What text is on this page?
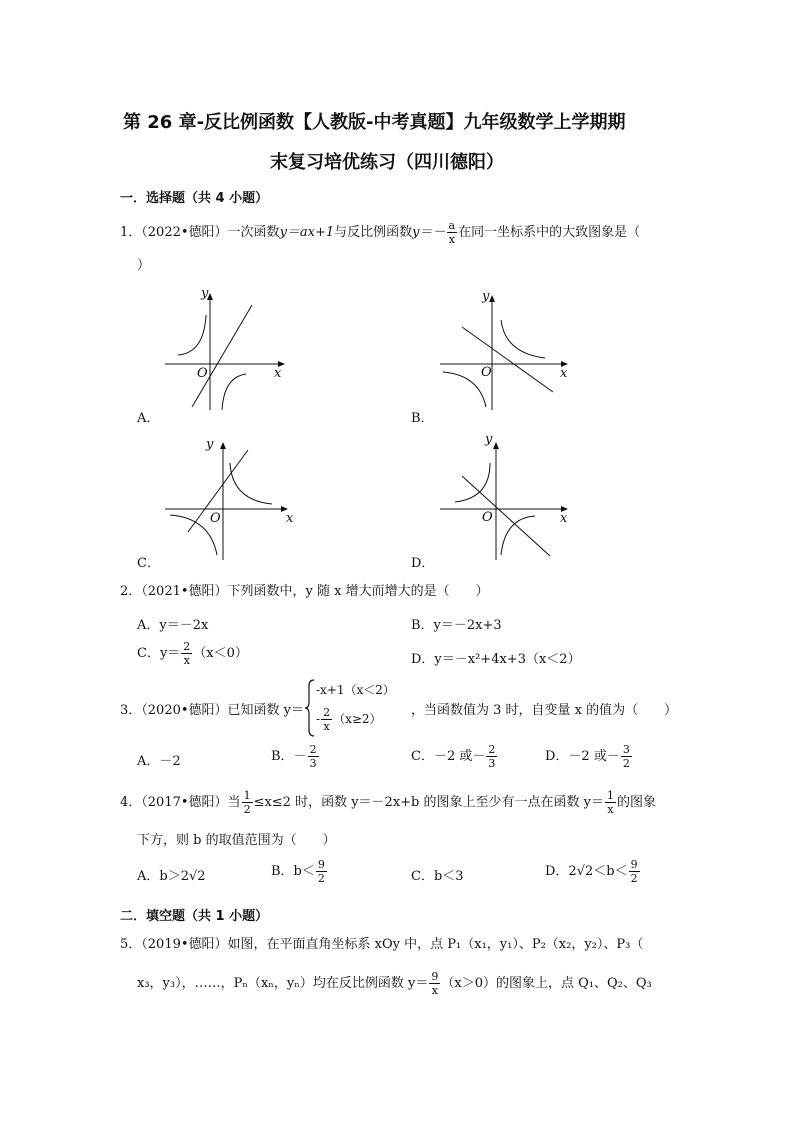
第 26 章-反比例函数【人教版-中考真题】九年级数学上学期期
末复习培优练习（四川德阳）
一．选择题（共 4 小题）
1．（2022•德阳）一次函数y＝ax+1与反比例函数$y=- \frac{a}{x}$ 在同一坐标系中的大致图象是（
）
y
x
O
A．
y
x
O
B．
y
x
O
C．
y
x
O
D．
2．（2021•德阳）下列函数中，y 随 x 增大而增大的是（　　）
A．y＝－2x	B．y＝－2x+3
C．$y= \frac{2}{x} (x<0)$	D．y＝－x²+4x+3（x＜2）
3．（2020•德阳）已知函数 y＝
-x+1（x＜2）
- $\frac{2}{x} (x\ge 2)$
，当函数值为 3 时，自变量 x 的值为（　　）
A．－2	B．－ $\frac{2}{3}$	C．－2 或－ $\frac{2}{3}$	D．－2 或－ $\frac{3}{2}$
4．（2017•德阳）当 $\frac{1}{2} \le x\le 2$ 时，函数 y＝－2x+b 的图象上至少有一点在函数 $y= \frac{1}{x}$ 的图象
下方，则 b 的取值范围为（　　）
A．b＞2√2	B．$b< \frac{9}{2}$	C．b＜3	D．$2√2<b< \frac{9}{2}$
二．填空题（共 1 小题）
5．（2019•德阳）如图，在平面直角坐标系 xOy 中，点 P₁（x₁，y₁）、P₂（x₂，y₂）、P₃（
x₃，y₃），……，Pₙ（xₙ，yₙ）均在反比例函数 $y= \frac{9}{x} (x>0)$的图象上，点 Q₁、Q₂、Q₃
